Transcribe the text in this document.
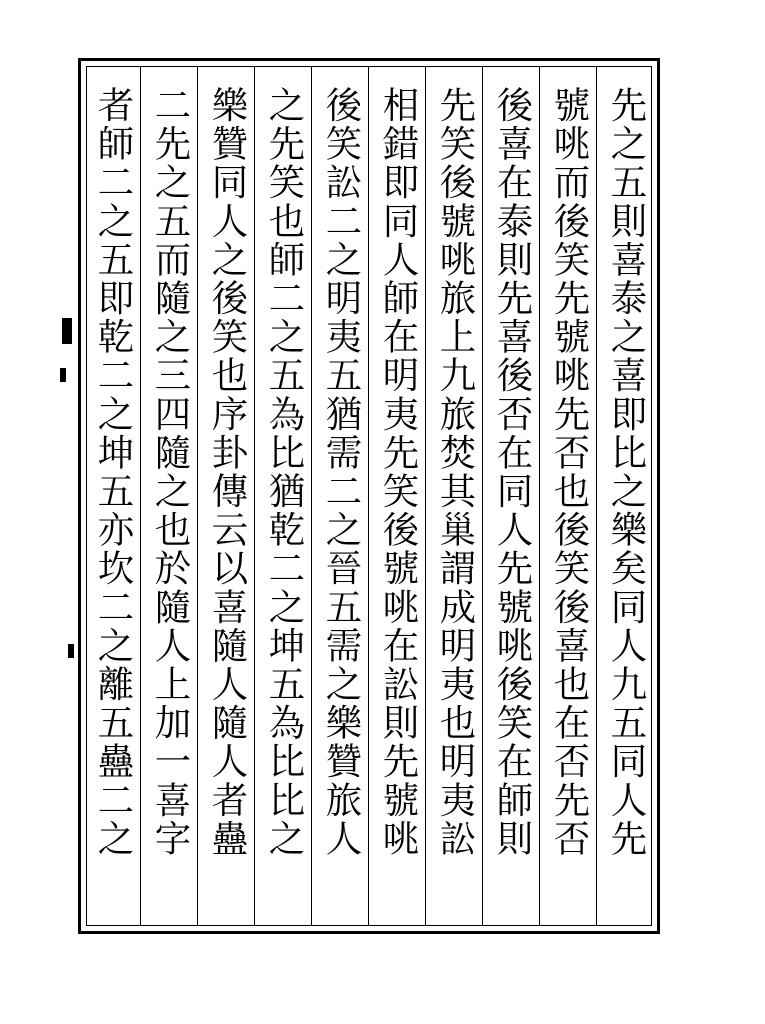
先之五則喜泰之喜即比之樂矣同人九五同人先
號咷而後笑先號咷先否也後笑後喜也在否先否
後喜在泰則先喜後否在同人先號咷後笑在師則
先笑後號咷旅上九旅焚其巢謂成明夷也明夷訟
相錯即同人師在明夷先笑後號咷在訟則先號咷
後笑訟二之明夷五猶需二之晉五需之樂贊旅人
之先笑也師二之五為比猶乾二之坤五為比比之
樂贊同人之後笑也序卦傳云以喜隨人隨人者蠱
二先之五而隨之三四隨之也於隨人上加一喜字
者師二之五即乾二之坤五亦坎二之離五蠱二之
